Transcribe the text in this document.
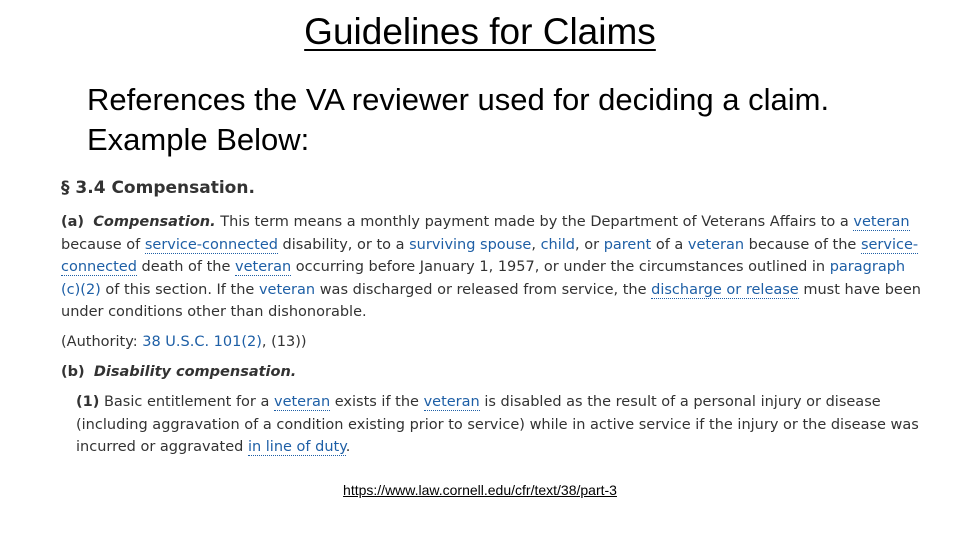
Guidelines for Claims
References the VA reviewer used for deciding a claim.
Example Below:
§ 3.4 Compensation.
(a) Compensation. This term means a monthly payment made by the Department of Veterans Affairs to a veteran because of service-connected disability, or to a surviving spouse, child, or parent of a veteran because of the service-connected death of the veteran occurring before January 1, 1957, or under the circumstances outlined in paragraph (c)(2) of this section. If the veteran was discharged or released from service, the discharge or release must have been under conditions other than dishonorable.
(Authority: 38 U.S.C. 101(2), (13))
(b) Disability compensation.
(1) Basic entitlement for a veteran exists if the veteran is disabled as the result of a personal injury or disease (including aggravation of a condition existing prior to service) while in active service if the injury or the disease was incurred or aggravated in line of duty.
https://www.law.cornell.edu/cfr/text/38/part-3
